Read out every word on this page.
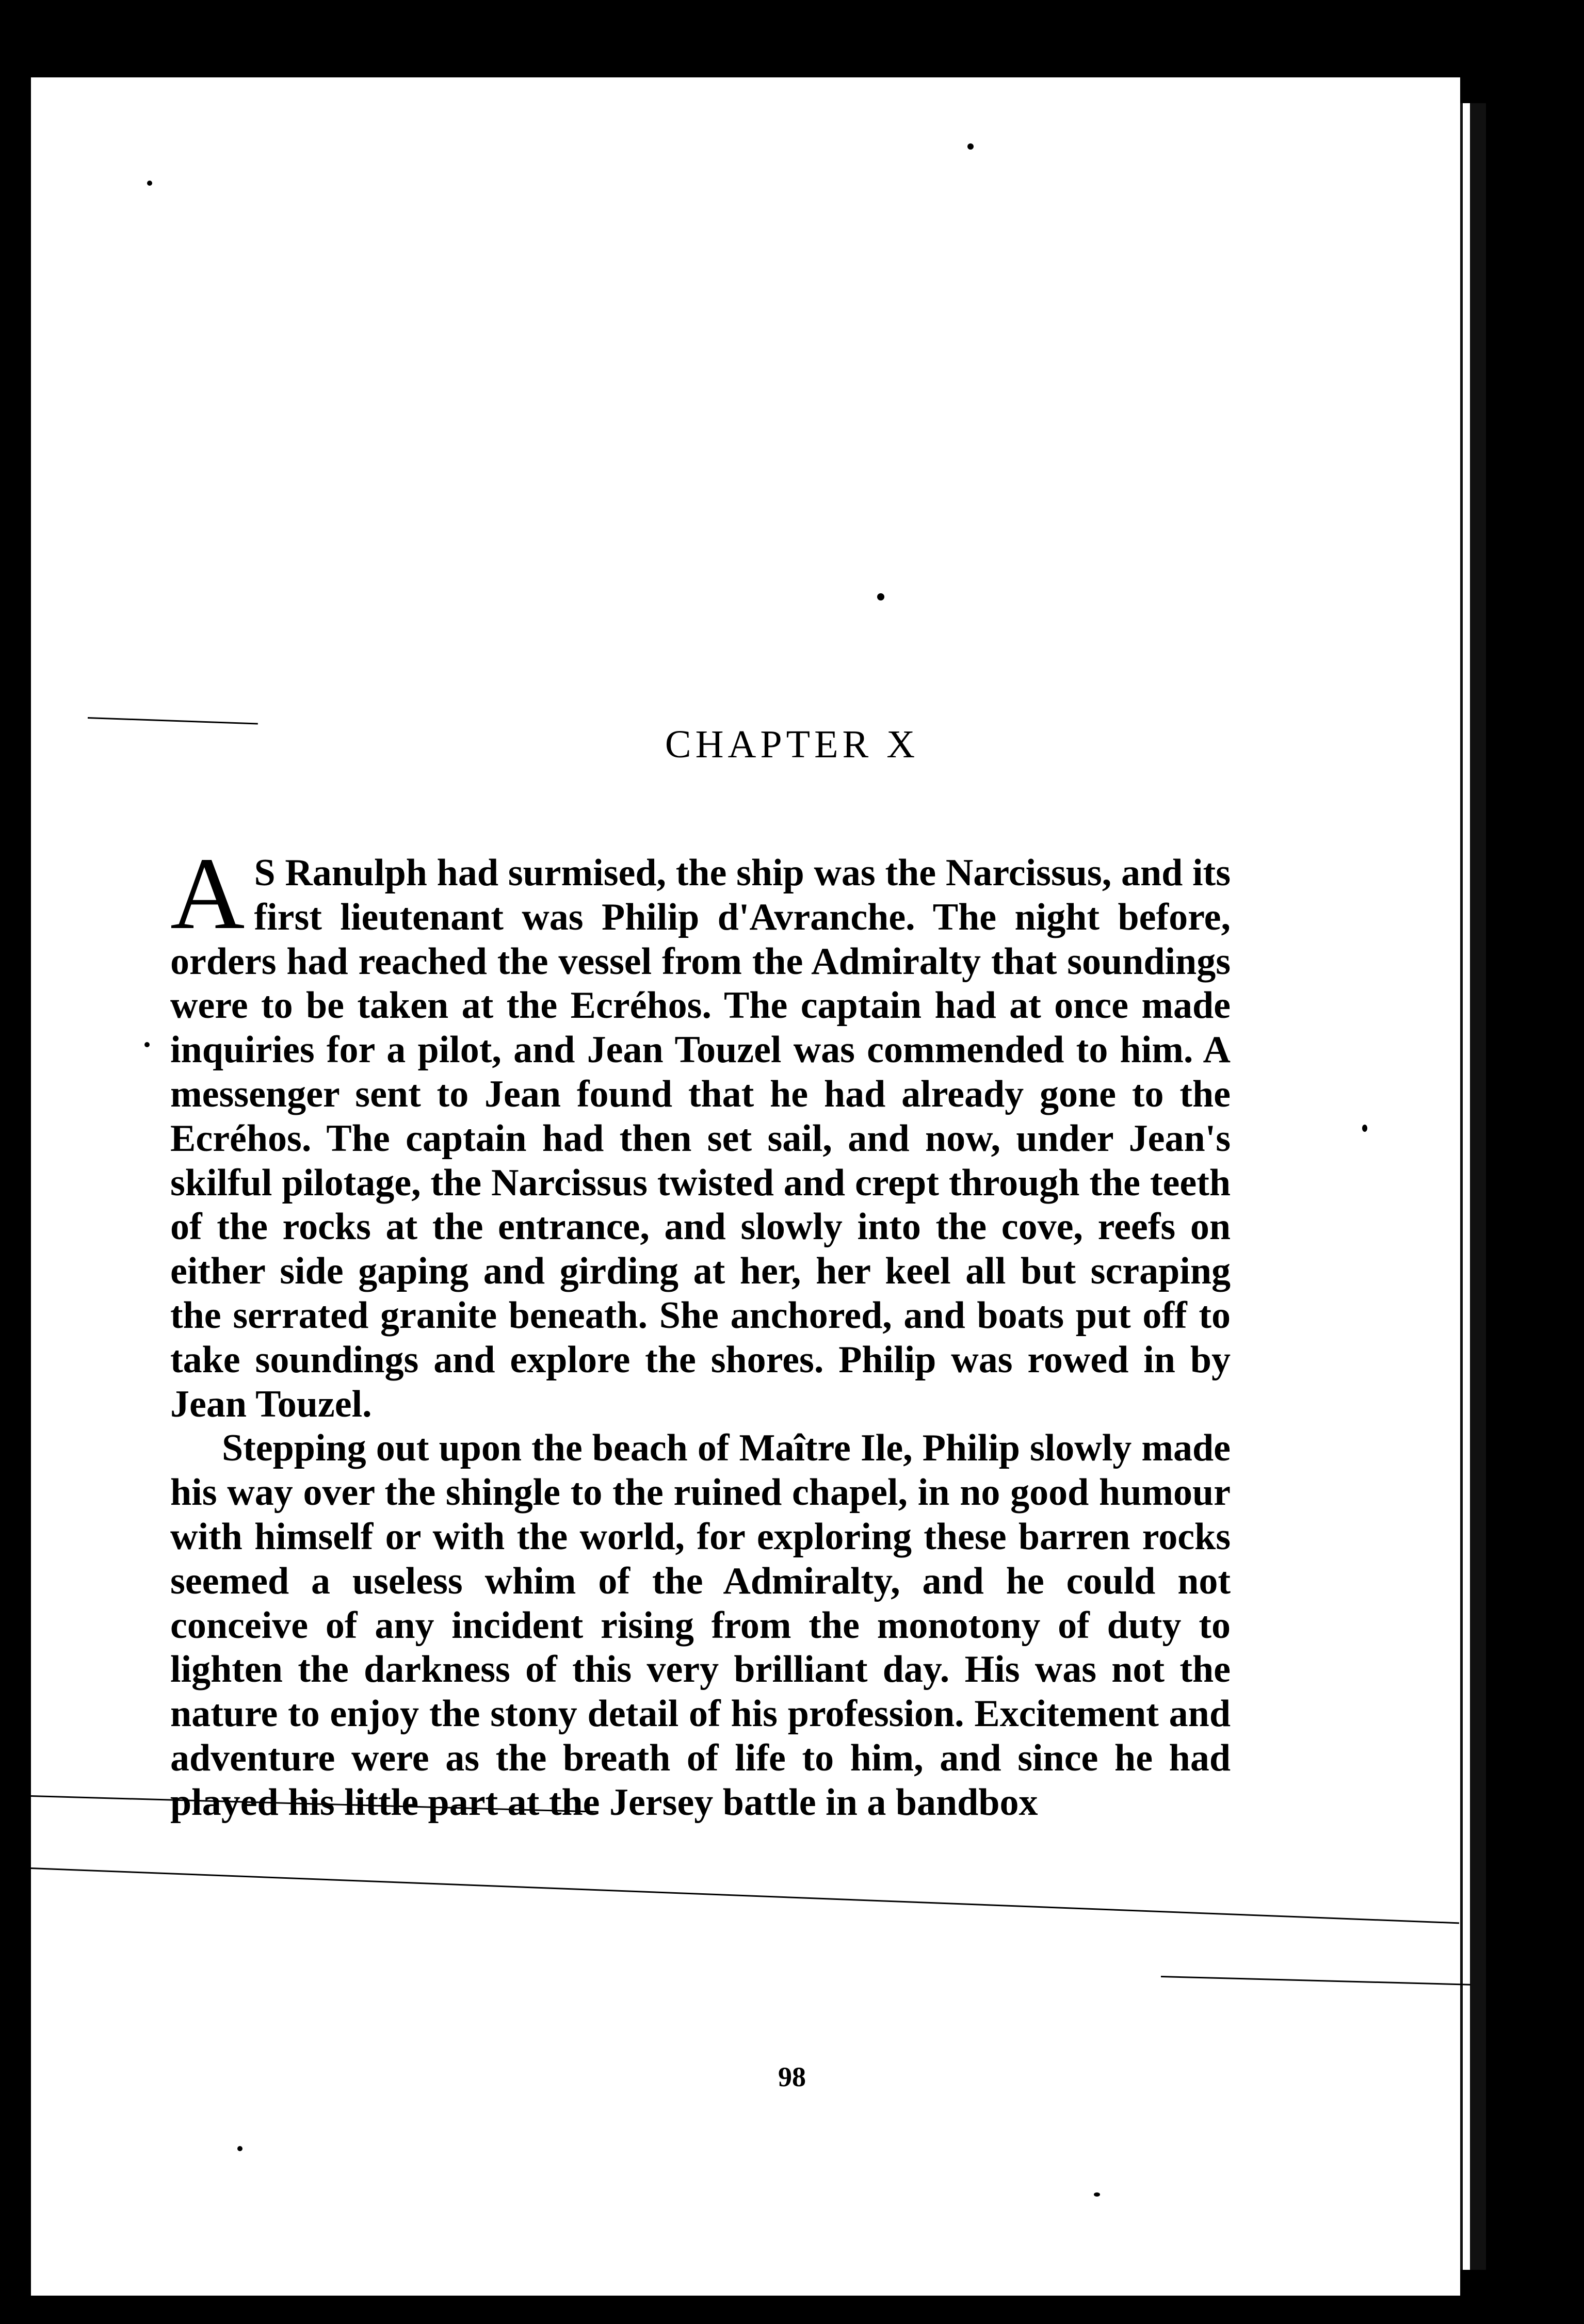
CHAPTER X

A S Ranulph had surmised, the ship was the Narcissus, and its first lieutenant was Philip d'Avranche. The night before, orders had reached the vessel from the Admiralty that soundings were to be taken at the Ecréhos. The captain had at once made inquiries for a pilot, and Jean Touzel was commended to him. A messenger sent to Jean found that he had already gone to the Ecréhos. The captain had then set sail, and now, under Jean's skilful pilotage, the Narcissus twisted and crept through the teeth of the rocks at the entrance, and slowly into the cove, reefs on either side gaping and girding at her, her keel all but scraping the serrated granite beneath. She anchored, and boats put off to take soundings and explore the shores. Philip was rowed in by Jean Touzel.

Stepping out upon the beach of Maître Ile, Philip slowly made his way over the shingle to the ruined chapel, in no good humour with himself or with the world, for exploring these barren rocks seemed a useless whim of the Admiralty, and he could not conceive of any incident rising from the monotony of duty to lighten the darkness of this very brilliant day. His was not the nature to enjoy the stony detail of his profession. Excitement and adventure were as the breath of life to him, and since he had played his little part at the Jersey battle in a bandbox

98
